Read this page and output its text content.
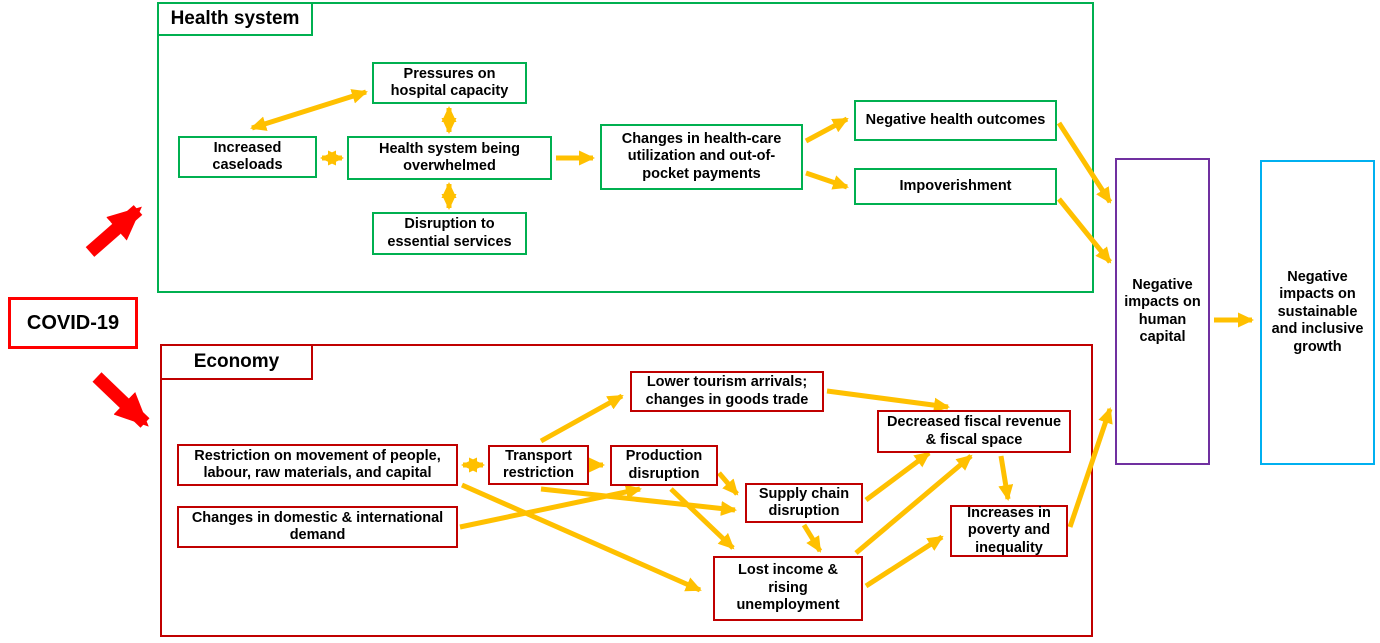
Health system
Economy
COVID-19
Pressures on hospital capacity
Increased caseloads
Health system being overwhelmed
Disruption to essential services
Changes in health-care utilization and out-of-pocket payments
Negative health outcomes
Impoverishment
Restriction on movement of people, labour, raw materials, and capital
Changes in domestic & international demand
Transport restriction
Production disruption
Lower tourism arrivals; changes in goods trade
Supply chain disruption
Decreased fiscal revenue & fiscal space
Increases in poverty and inequality
Lost income & rising unemployment
Negative impacts on human capital
Negative impacts on sustainable and inclusive growth
